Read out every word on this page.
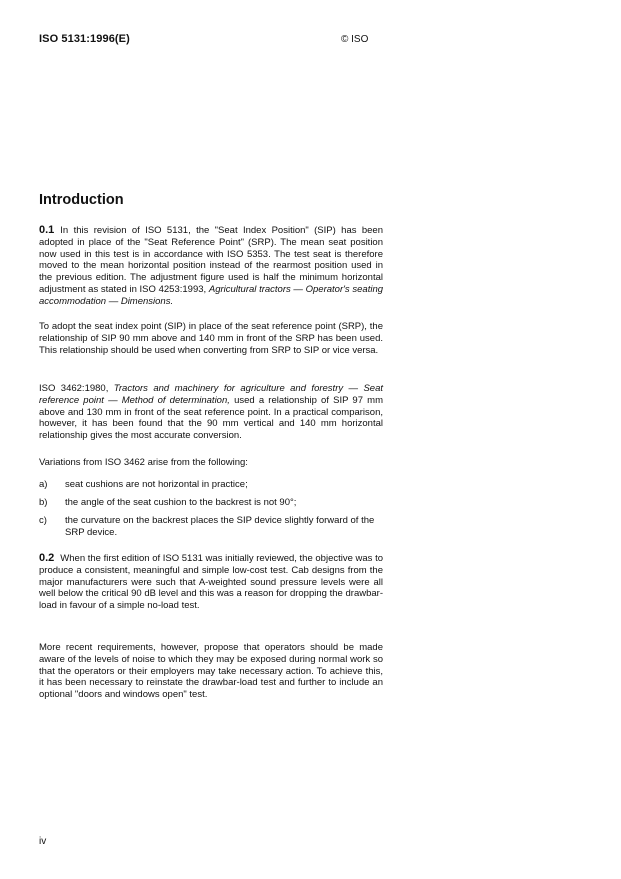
ISO 5131:1996(E)	© ISO
Introduction

0.1 In this revision of ISO 5131, the "Seat Index Position" (SIP) has been adopted in place of the "Seat Reference Point" (SRP). The mean seat position now used in this test is in accordance with ISO 5353. The test seat is therefore moved to the mean horizontal position instead of the rearmost position used in the previous edition. The adjustment figure used is half the minimum horizontal adjustment as stated in ISO 4253:1993, Agricultural tractors — Operator's seating accommodation — Dimensions.

To adopt the seat index point (SIP) in place of the seat reference point (SRP), the relationship of SIP 90 mm above and 140 mm in front of the SRP has been used. This relationship should be used when converting from SRP to SIP or vice versa.

ISO 3462:1980, Tractors and machinery for agriculture and forestry — Seat reference point — Method of determination, used a relationship of SIP 97 mm above and 130 mm in front of the seat reference point. In a practical comparison, however, it has been found that the 90 mm vertical and 140 mm horizontal relationship gives the most accurate conversion.

Variations from ISO 3462 arise from the following:

a) seat cushions are not horizontal in practice;
b) the angle of the seat cushion to the backrest is not 90°;
c) the curvature on the backrest places the SIP device slightly forward of the SRP device.

0.2 When the first edition of ISO 5131 was initially reviewed, the objective was to produce a consistent, meaningful and simple low-cost test. Cab designs from the major manufacturers were such that A-weighted sound pressure levels were all well below the critical 90 dB level and this was a reason for dropping the drawbar-load in favour of a simple no-load test.

More recent requirements, however, propose that operators should be made aware of the levels of noise to which they may be exposed during normal work so that the operators or their employers may take necessary action. To achieve this, it has been necessary to reinstate the drawbar-load test and further to include an optional "doors and windows open" test.

iv
